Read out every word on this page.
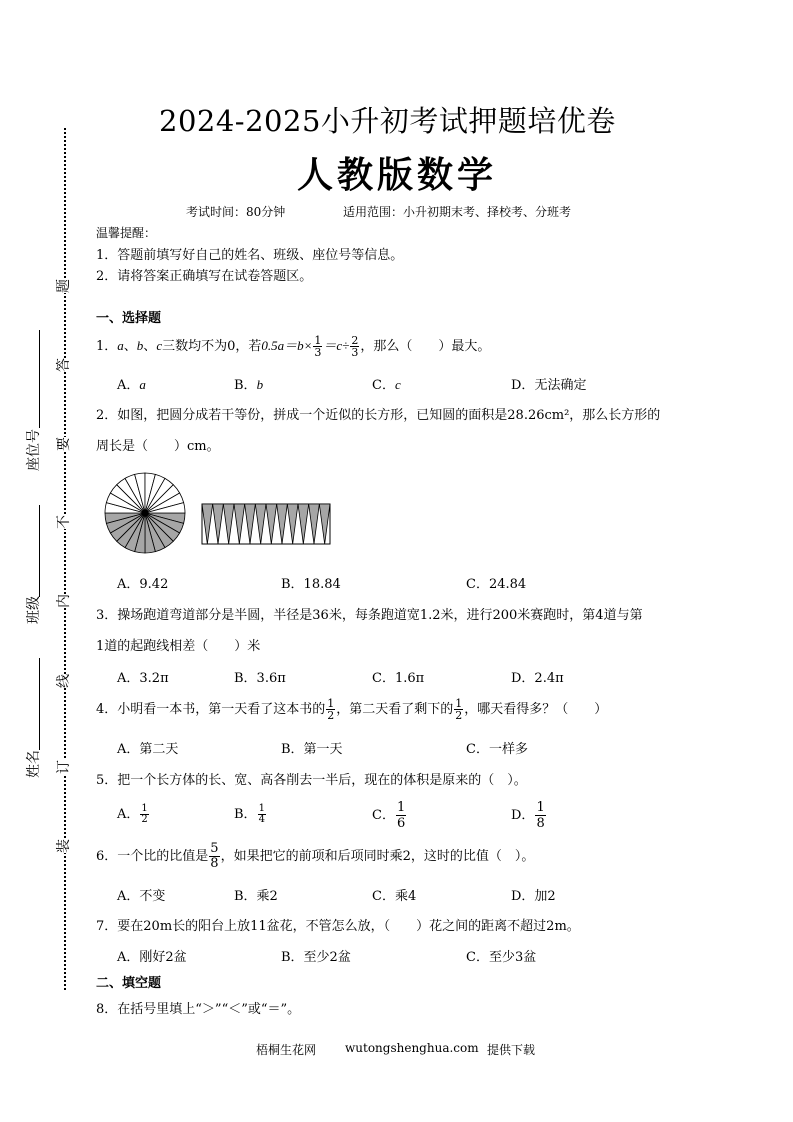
题
答
要
不
内
线
订
装
座位号
班级
姓名
2024-2025小升初考试押题培优卷
人教版数学
考试时间：80分钟	适用范围：小升初期末考、择校考、分班考
温馨提醒：
1．答题前填写好自己的姓名、班级、座位号等信息。
2．请将答案正确填写在试卷答题区。
一、选择题
1．a、b、c三数均不为0，若$0.5a=b\times \frac{1}{3} =c\div \frac{2}{3}$ ，那么（　　）最大。
A．a	B．b	C．c	D．无法确定
2．如图，把圆分成若干等份，拼成一个近似的长方形，已知圆的面积是28.26cm²，那么长方形的
周长是（　　）cm。
A．9.42	B．18.84	C．24.84
3．操场跑道弯道部分是半圆，半径是36米，每条跑道宽1.2米，进行200米赛跑时，第4道与第
1道的起跑线相差（　　）米
A．3.2π	B．3.6π	C．1.6π	D．2.4π
4．小明看一本书，第一天看了这本书的 $\frac{1}{2}$ ，第二天看了剩下的 $\frac{1}{2}$ ，哪天看得多？（　　）
A．第二天	B．第一天	C．一样多
5．把一个长方体的长、宽、高各削去一半后，现在的体积是原来的（　）。
A． $\frac{1}{2}$	B． $\frac{1}{4}$	C． $\frac{1}{6}$	D． $\frac{1}{8}$
6．一个比的比值是 $\frac{5}{8}$ ，如果把它的前项和后项同时乘2，这时的比值（　）。
A．不变	B．乘2	C．乘4	D．加2
7．要在20m长的阳台上放11盆花，不管怎么放，（　　）花之间的距离不超过2m。
A．刚好2盆	B．至少2盆	C．至少3盆
二、填空题
8．在括号里填上“＞”“＜”或“＝”。
梧桐生花网 wutongshenghua.com 提供下载
